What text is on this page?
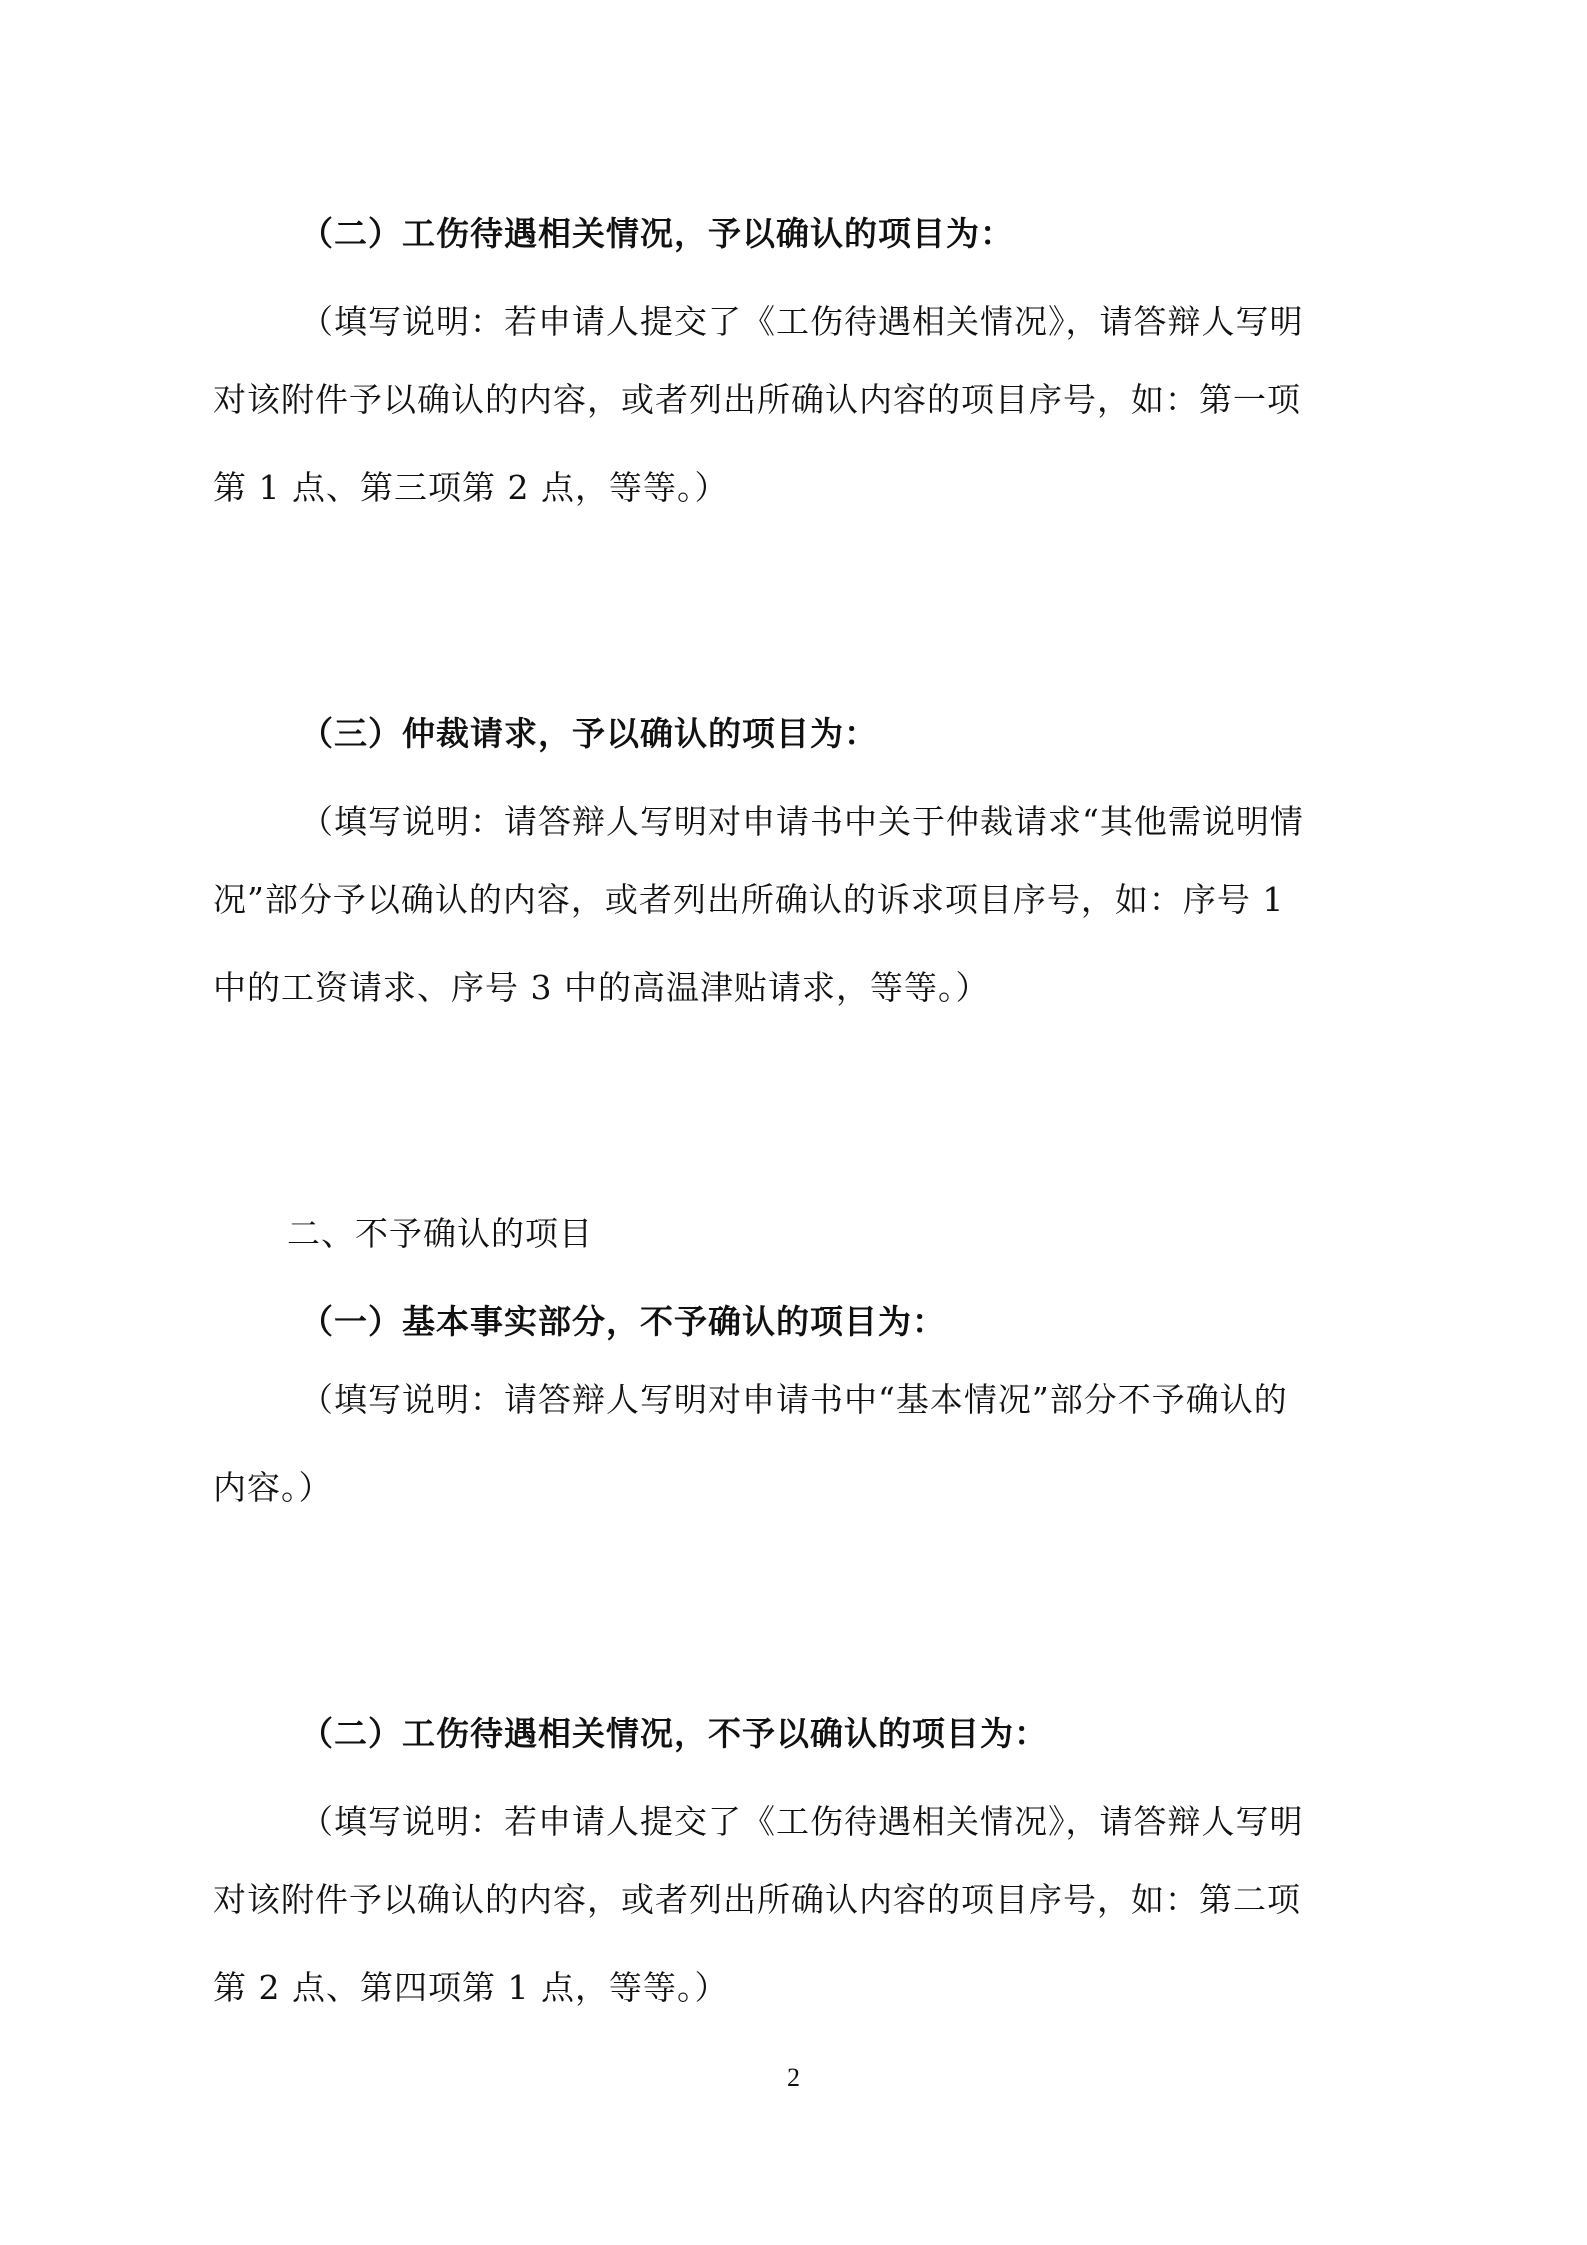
（二）工伤待遇相关情况，予以确认的项目为：
（填写说明：若申请人提交了《工伤待遇相关情况》，请答辩人写明
对该附件予以确认的内容，或者列出所确认内容的项目序号，如：第一项
第 1 点、第三项第 2 点，等等。）
（三）仲裁请求，予以确认的项目为：
（填写说明：请答辩人写明对申请书中关于仲裁请求“其他需说明情
况”部分予以确认的内容，或者列出所确认的诉求项目序号，如：序号 1
中的工资请求、序号 3 中的高温津贴请求，等等。）
二、不予确认的项目
（一）基本事实部分，不予确认的项目为：
（填写说明：请答辩人写明对申请书中“基本情况”部分不予确认的
内容。）
（二）工伤待遇相关情况，不予以确认的项目为：
（填写说明：若申请人提交了《工伤待遇相关情况》，请答辩人写明
对该附件予以确认的内容，或者列出所确认内容的项目序号，如：第二项
第 2 点、第四项第 1 点，等等。）
2
